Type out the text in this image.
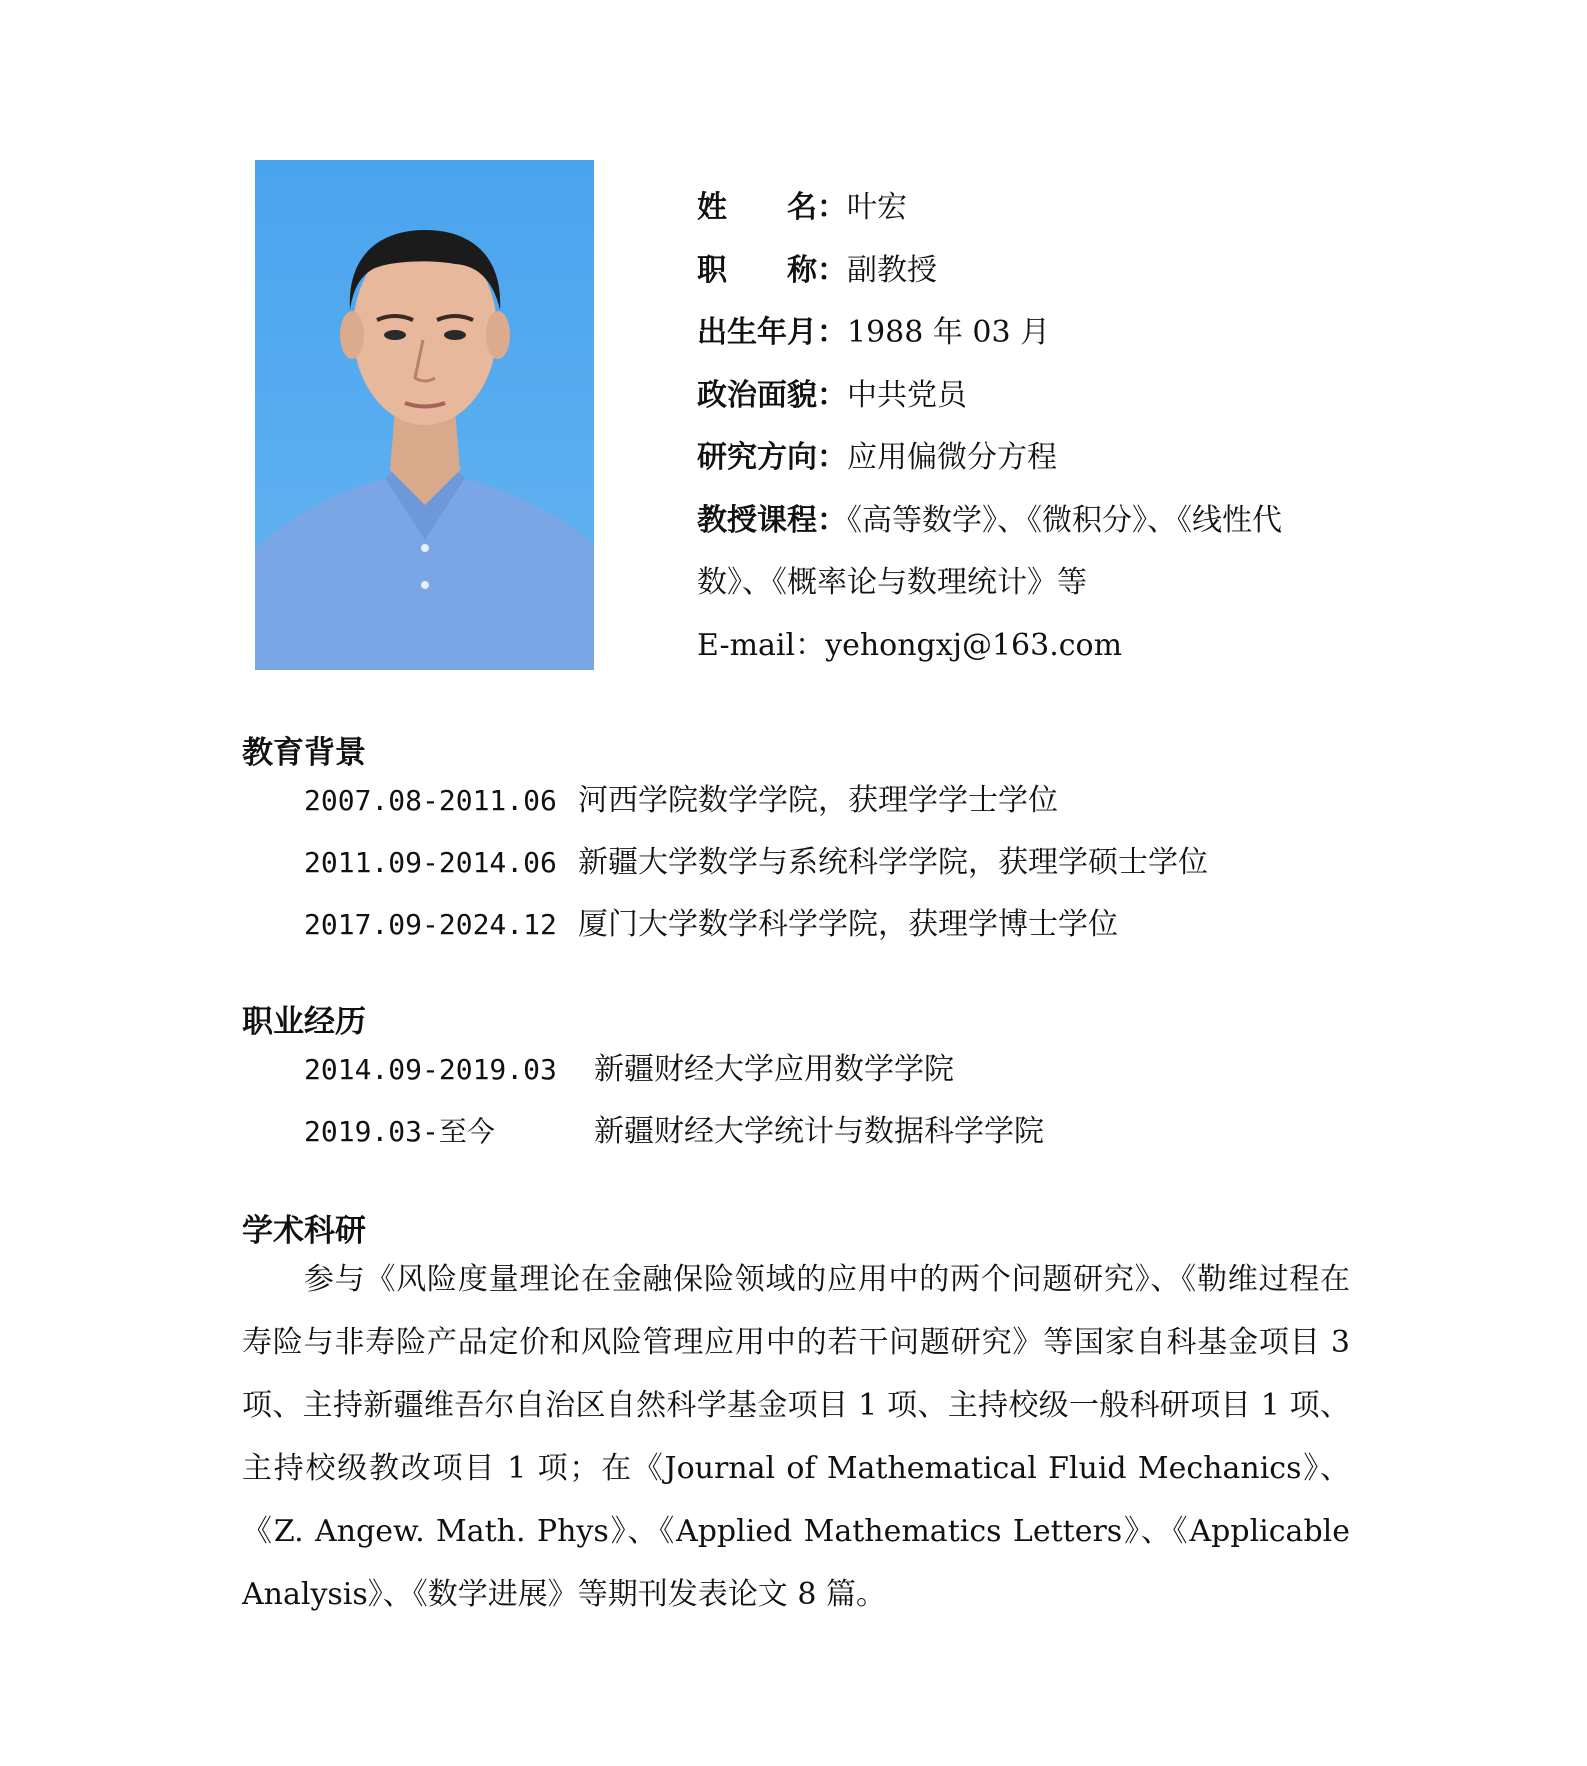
姓 名：叶宏
职 称：副教授
出生年月：1988 年 03 月
政治面貌：中共党员
研究方向：应用偏微分方程
教授课程：《高等数学》、《微积分》、《线性代数》、《概率论与数理统计》等
E-mail：yehongxj@163.com
教育背景
2007.08-2011.06 河西学院数学学院，获理学学士学位
2011.09-2014.06 新疆大学数学与系统科学学院，获理学硕士学位
2017.09-2024.12 厦门大学数学科学学院，获理学博士学位
职业经历
2014.09-2019.03 新疆财经大学应用数学学院
2019.03-至今	新疆财经大学统计与数据科学学院
学术科研
参与《风险度量理论在金融保险领域的应用中的两个问题研究》、《勒维过程在寿险与非寿险产品定价和风险管理应用中的若干问题研究》等国家自科基金项目 3 项、主持新疆维吾尔自治区自然科学基金项目 1 项、主持校级一般科研项目 1 项、主持校级教改项目 1 项；在《Journal of Mathematical Fluid Mechanics》、《Z. Angew. Math. Phys》、《Applied Mathematics Letters》、《Applicable Analysis》、《数学进展》等期刊发表论文 8 篇。
